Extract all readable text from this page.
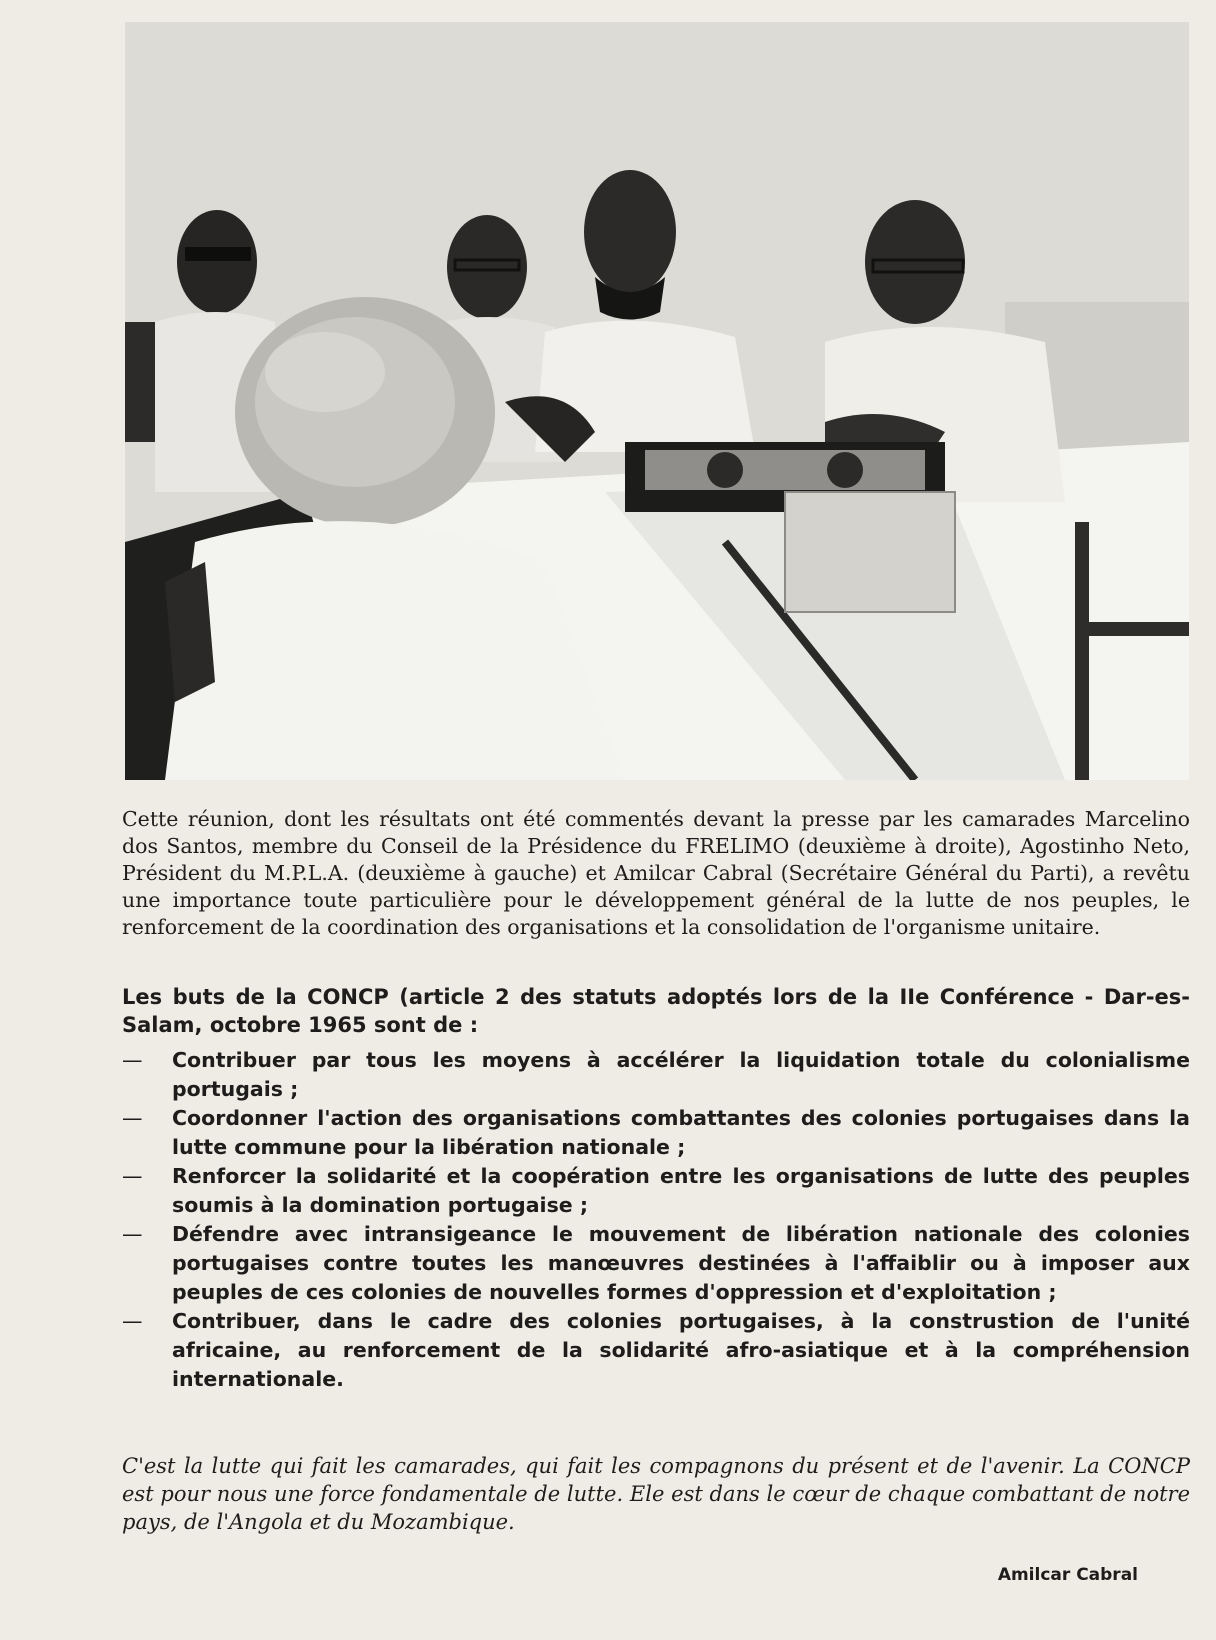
Cette réunion, dont les résultats ont été commentés devant la presse par les camarades Marcelino dos Santos, membre du Conseil de la Présidence du FRELIMO (deuxième à droite), Agostinho Neto, Président du M.P.L.A. (deuxième à gauche) et Amilcar Cabral (Secrétaire Général du Parti), a revêtu une importance toute particulière pour le développement général de la lutte de nos peuples, le renforcement de la coordination des organisations et la consolidation de l'organisme unitaire.

Les buts de la CONCP (article 2 des statuts adoptés lors de la IIe Conférence - Dar-es-Salam, octobre 1965 sont de :

—	Contribuer par tous les moyens à accélérer la liquidation totale du colonialisme portugais ;
—	Coordonner l'action des organisations combattantes des colonies portugaises dans la lutte commune pour la libération nationale ;
—	Renforcer la solidarité et la coopération entre les organisations de lutte des peuples soumis à la domination portugaise ;
—	Défendre avec intransigeance le mouvement de libération nationale des colonies portugaises contre toutes les manœuvres destinées à l'affaiblir ou à imposer aux peuples de ces colonies de nouvelles formes d'oppression et d'exploitation ;
—	Contribuer, dans le cadre des colonies portugaises, à la construstion de l'unité africaine, au renforcement de la solidarité afro-asiatique et à la compréhension internationale.

C'est la lutte qui fait les camarades, qui fait les compagnons du présent et de l'avenir. La CONCP est pour nous une force fondamentale de lutte. Ele est dans le cœur de chaque combattant de notre pays, de l'Angola et du Mozambique.

Amilcar Cabral
